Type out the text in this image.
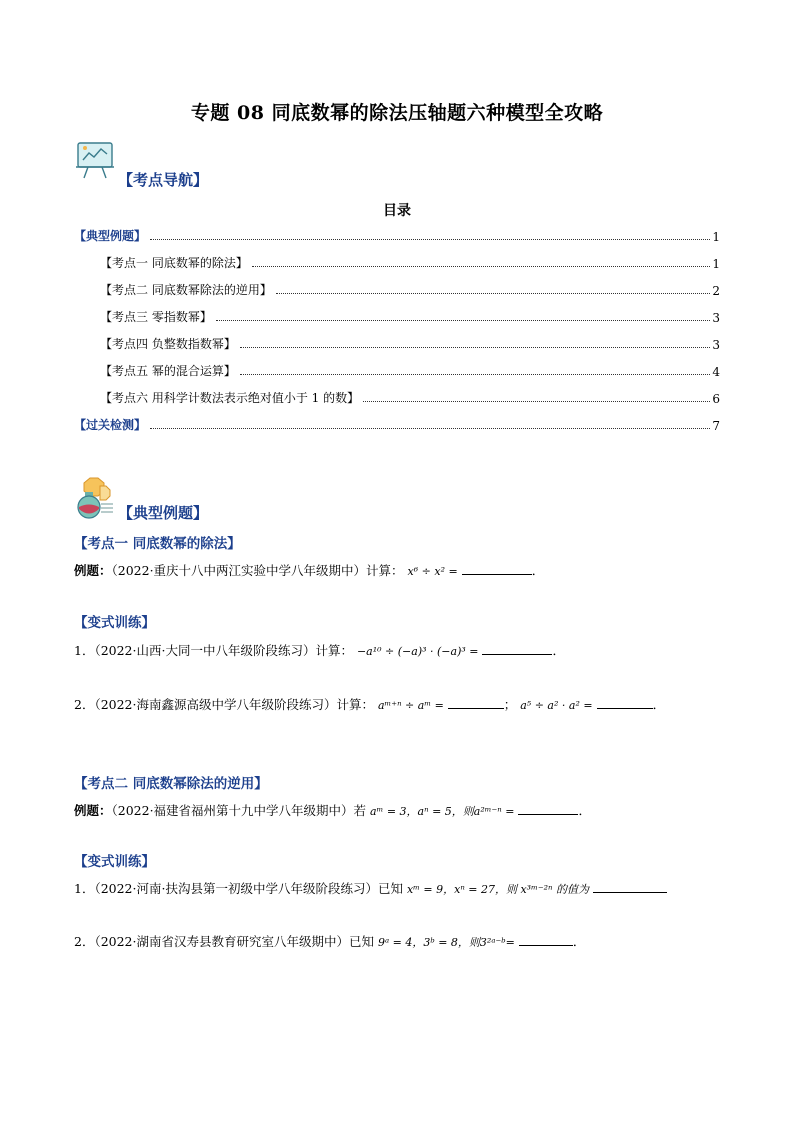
专题 08 同底数幂的除法压轴题六种模型全攻略
【考点导航】
目录
【典型例题】	1
【考点一 同底数幂的除法】	1
【考点二 同底数幂除法的逆用】	2
【考点三 零指数幂】	3
【考点四 负整数指数幂】	3
【考点五 幂的混合运算】	4
【考点六 用科学计数法表示绝对值小于 1 的数】	6
【过关检测】	7
【典型例题】
【考点一 同底数幂的除法】
例题：（2022·重庆十八中两江实验中学八年级期中）计算： x⁶ ÷ x² =	．
【变式训练】
1．（2022·山西·大同一中八年级阶段练习）计算： −a¹⁰ ÷ (−a)³ · (−a)³ =	．
2．（2022·海南鑫源高级中学八年级阶段练习）计算： aᵐ⁺ⁿ ÷ aᵐ =	； a⁵ ÷ a² · a² =	．
【考点二 同底数幂除法的逆用】
例题：（2022·福建省福州第十九中学八年级期中）若 aᵐ = 3，aⁿ = 5，则a²ᵐ⁻ⁿ =	．
【变式训练】
1．（2022·河南·扶沟县第一初级中学八年级阶段练习）已知 xᵐ = 9，xⁿ = 27，则 x³ᵐ⁻²ⁿ 的值为
2．（2022·湖南省汉寿县教育研究室八年级期中）已知 9ᵃ = 4，3ᵇ = 8，则3²ᵃ⁻ᵇ=	．
